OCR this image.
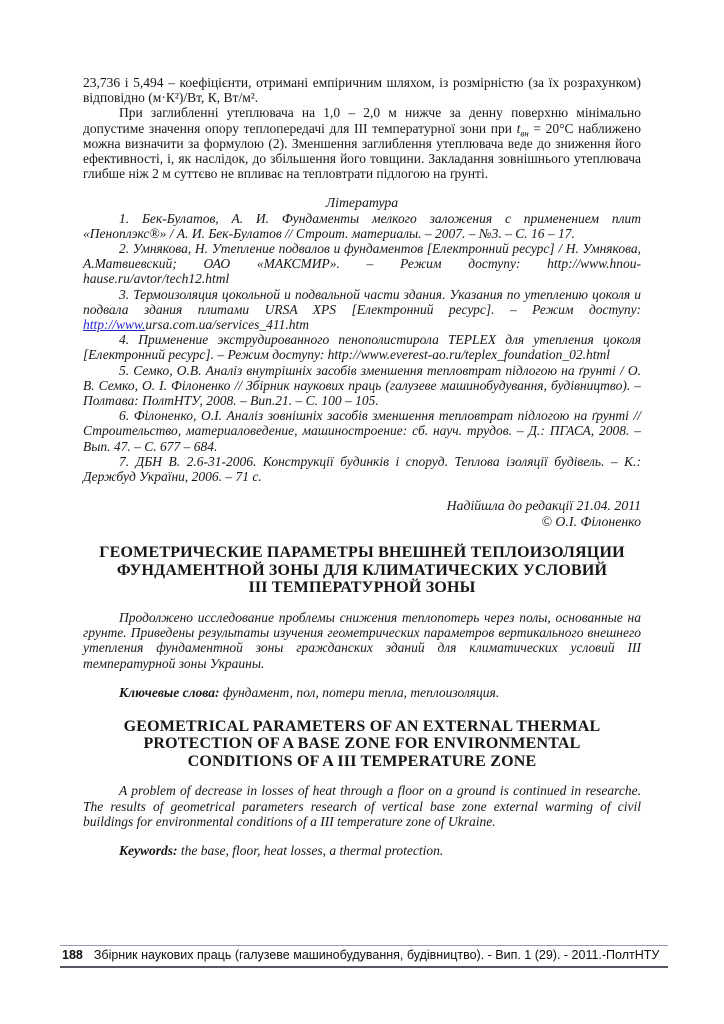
23,736 і 5,494 – коефіцієнти, отримані емпіричним шляхом, із розмірністю (за їх розрахунком) відповідно (м·К²)/Вт, К, Вт/м².

При заглибленні утеплювача на 1,0 – 2,0 м нижче за денну поверхню мінімально допустиме значення опору теплопередачі для III температурної зони при $t_{вн} = 20^\circ С$ наближено можна визначити за формулою (2). Зменшення заглиблення утеплювача веде до зниження його ефективності, і, як наслідок, до збільшення його товщини. Закладання зовнішнього утеплювача глибше ніж 2 м суттєво не впливає на тепловтрати підлогою на ґрунті.

Література

1. Бек-Булатов, А. И. Фундаменты мелкого заложения с применением плит «Пеноплэкс®» / А. И. Бек-Булатов // Строит. материалы. – 2007. – №3. – С. 16 – 17.

2. Умнякова, Н. Утепление подвалов и фундаментов [Електронний ресурс] / Н. Умнякова, А.Матвиевский; ОАО «МАКСМИР». – Режим доступу: http://www.hnou-hause.ru/avtor/tech12.html

3. Термоизоляция цокольной и подвальной части здания. Указания по утеплению цоколя и подвала здания плитами URSA XPS [Електронний ресурс]. – Режим доступу: http://www.ursa.com.ua/services_411.htm

4. Применение экструдированного пенополистирола TEPLEX для утепления цоколя [Електронний ресурс]. – Режим доступу: http://www.everest-ao.ru/teplex_foundation_02.html

5. Семко, О.В. Аналіз внутрішніх засобів зменшення тепловтрат підлогою на ґрунті / О. В. Семко, О. І. Філоненко // Збірник наукових праць (галузеве машинобудування, будівництво). – Полтава: ПолтНТУ, 2008. – Вип.21. – С. 100 – 105.

6. Філоненко, О.І. Аналіз зовнішніх засобів зменшення тепловтрат підлогою на ґрунті // Строительство, материаловедение, машиностроение: сб. науч. трудов. – Д.: ПГАСА, 2008. – Вып. 47. – С. 677 – 684.

7. ДБН В. 2.6-31-2006. Конструкції будинків і споруд. Теплова ізоляції будівель. – К.: Держбуд України, 2006. – 71 с.

Надійшла до редакції 21.04. 2011
© О.І. Філоненко
ГЕОМЕТРИЧЕСКИЕ ПАРАМЕТРЫ ВНЕШНЕЙ ТЕПЛОИЗОЛЯЦИИ
ФУНДАМЕНТНОЙ ЗОНЫ ДЛЯ КЛИМАТИЧЕСКИХ УСЛОВИЙ
III ТЕМПЕРАТУРНОЙ ЗОНЫ

Продолжено исследование проблемы снижения теплопотерь через полы, основанные на грунте. Приведены результаты изучения геометрических параметров вертикального внешнего утепления фундаментной зоны гражданских зданий для климатических условий III температурной зоны Украины.

Ключевые слова: фундамент, пол, потери тепла, теплоизоляция.

GEOMETRICAL PARAMETERS OF AN EXTERNAL THERMAL
PROTECTION OF A BASE ZONE FOR ENVIRONMENTAL
CONDITIONS OF A III TEMPERATURE ZONE

A problem of decrease in losses of heat through a floor on a ground is continued in researche. The results of geometrical parameters research of vertical base zone external warming of civil buildings for environmental conditions of a III temperature zone of Ukraine.

Keywords: the base, floor, heat losses, a thermal protection.

188 Збірник наукових праць (галузеве машинобудування, будівництво). - Вип. 1 (29). - 2011.-ПолтНТУ
